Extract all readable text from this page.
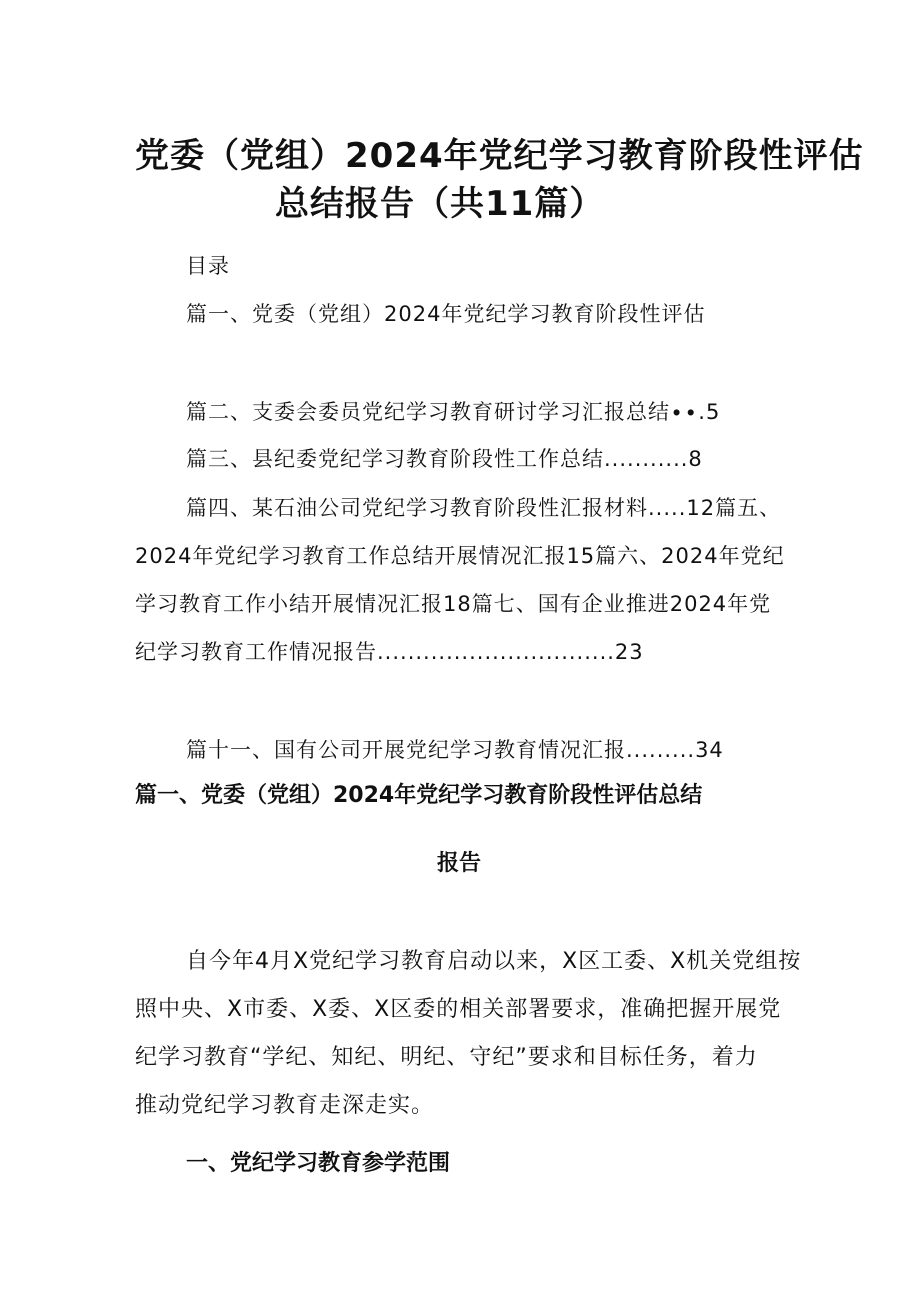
党委（党组）2024年党纪学习教育阶段性评估
总结报告（共11篇）
目录
篇一、党委（党组）2024年党纪学习教育阶段性评估
篇二、支委会委员党纪学习教育研讨学习汇报总结∙∙.5
篇三、县纪委党纪学习教育阶段性工作总结...........8
篇四、某石油公司党纪学习教育阶段性汇报材料.....12篇五、
2024年党纪学习教育工作总结开展情况汇报15篇六、2024年党纪
学习教育工作小结开展情况汇报18篇七、国有企业推进2024年党
纪学习教育工作情况报告...............................23
篇十一、国有公司开展党纪学习教育情况汇报.........34
篇一、党委（党组）2024年党纪学习教育阶段性评估总结
报告
自今年4月X党纪学习教育启动以来，X区工委、X机关党组按
照中央、X市委、X委、X区委的相关部署要求，准确把握开展党
纪学习教育“学纪、知纪、明纪、守纪”要求和目标任务，着力
推动党纪学习教育走深走实。
一、党纪学习教育参学范围
